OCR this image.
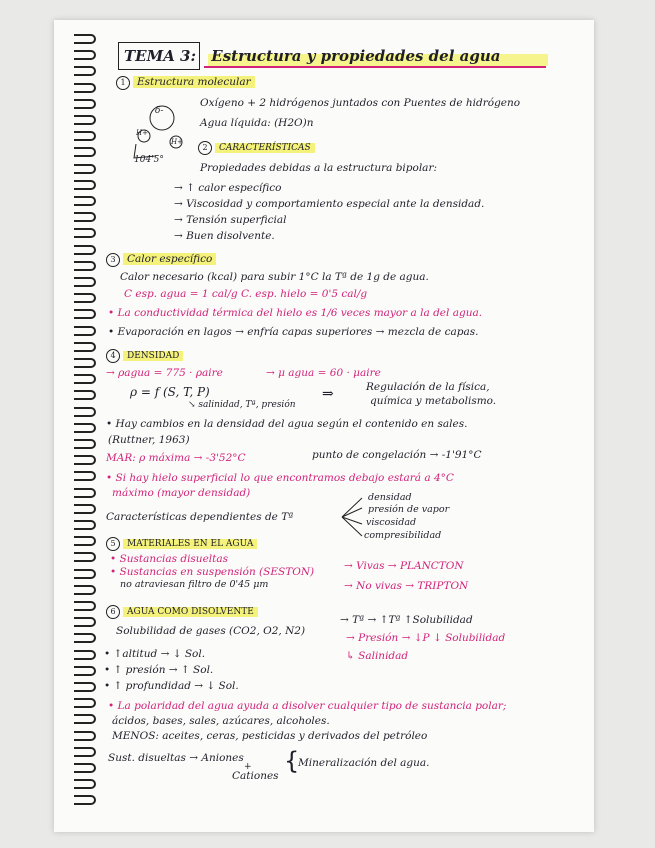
TEMA 3: Estructura y propiedades del agua
1 Estructura molecular
δ-
H+
H+
104'5°
Oxígeno + 2 hidrógenos juntados con Puentes de hidrógeno
Agua líquida: (H2O)n
2 CARACTERÍSTICAS
Propiedades debidas a la estructura bipolar:
→ ↑ calor específico
→ Viscosidad y comportamiento especial ante la densidad.
→ Tensión superficial
→ Buen disolvente.
3 Calor específico
Calor necesario (kcal) para subir 1°C la Tª de 1g de agua.
C esp. agua = 1 cal/g C. esp. hielo = 0'5 cal/g
• La conductividad térmica del hielo es 1/6 veces mayor a la del agua.
• Evaporación en lagos → enfría capas superiores → mezcla de capas.
4 DENSIDAD
→ ρagua = 775 · ρaire	→ μ agua = 60 · μaire
ρ = f (S, T, P)	⇒	Regulación de la física,
química y metabolismo.
↘ salinidad, Tª, presión
• Hay cambios en la densidad del agua según el contenido en sales.
(Ruttner, 1963)
MAR: ρ máxima → -3'52°C	punto de congelación → -1'91°C
• Si hay hielo superficial lo que encontramos debajo estará a 4°C
máximo (mayor densidad)
Características dependientes de Tª
densidad
presión de vapor
viscosidad
compresibilidad
5 MATERIALES EN EL AGUA
• Sustancias disueltas
• Sustancias en suspensión (SESTON)
no atraviesan filtro de 0'45 μm
→ Vivas → PLANCTON
→ No vivas → TRIPTON
6 AGUA COMO DISOLVENTE
Solubilidad de gases (CO2, O2, N2)
→ Tª → ↑Tª ↑Solubilidad
→ Presión → ↓P ↓ Solubilidad
↳ Salinidad
• ↑altitud → ↓ Sol.
• ↑ presión → ↑ Sol.
• ↑ profundidad → ↓ Sol.
• La polaridad del agua ayuda a disolver cualquier tipo de sustancia polar;
ácidos, bases, sales, azúcares, alcoholes.
MENOS: aceites, ceras, pesticidas y derivados del petróleo
Sust. disueltas → Aniones
+
Cationes
{
Mineralización del agua.
